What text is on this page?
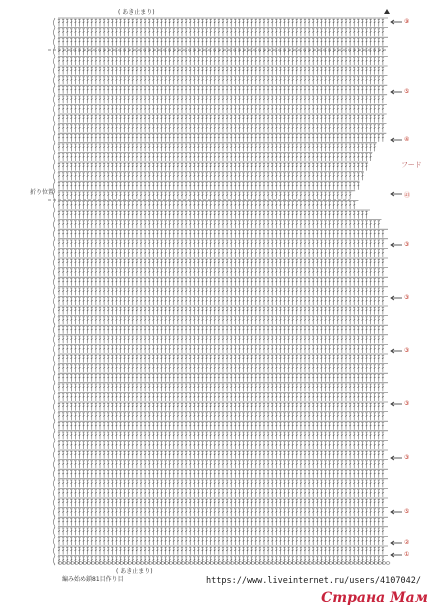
( あき止まり)
( あき止まり)
編み始め 鎖81目作り目
折り位置
フード
https://www.liveinternet.ru/users/4107042/
Страна Мам
⑨
⑤
④
㊸
③
③
③
③
③
⑤
②
①
